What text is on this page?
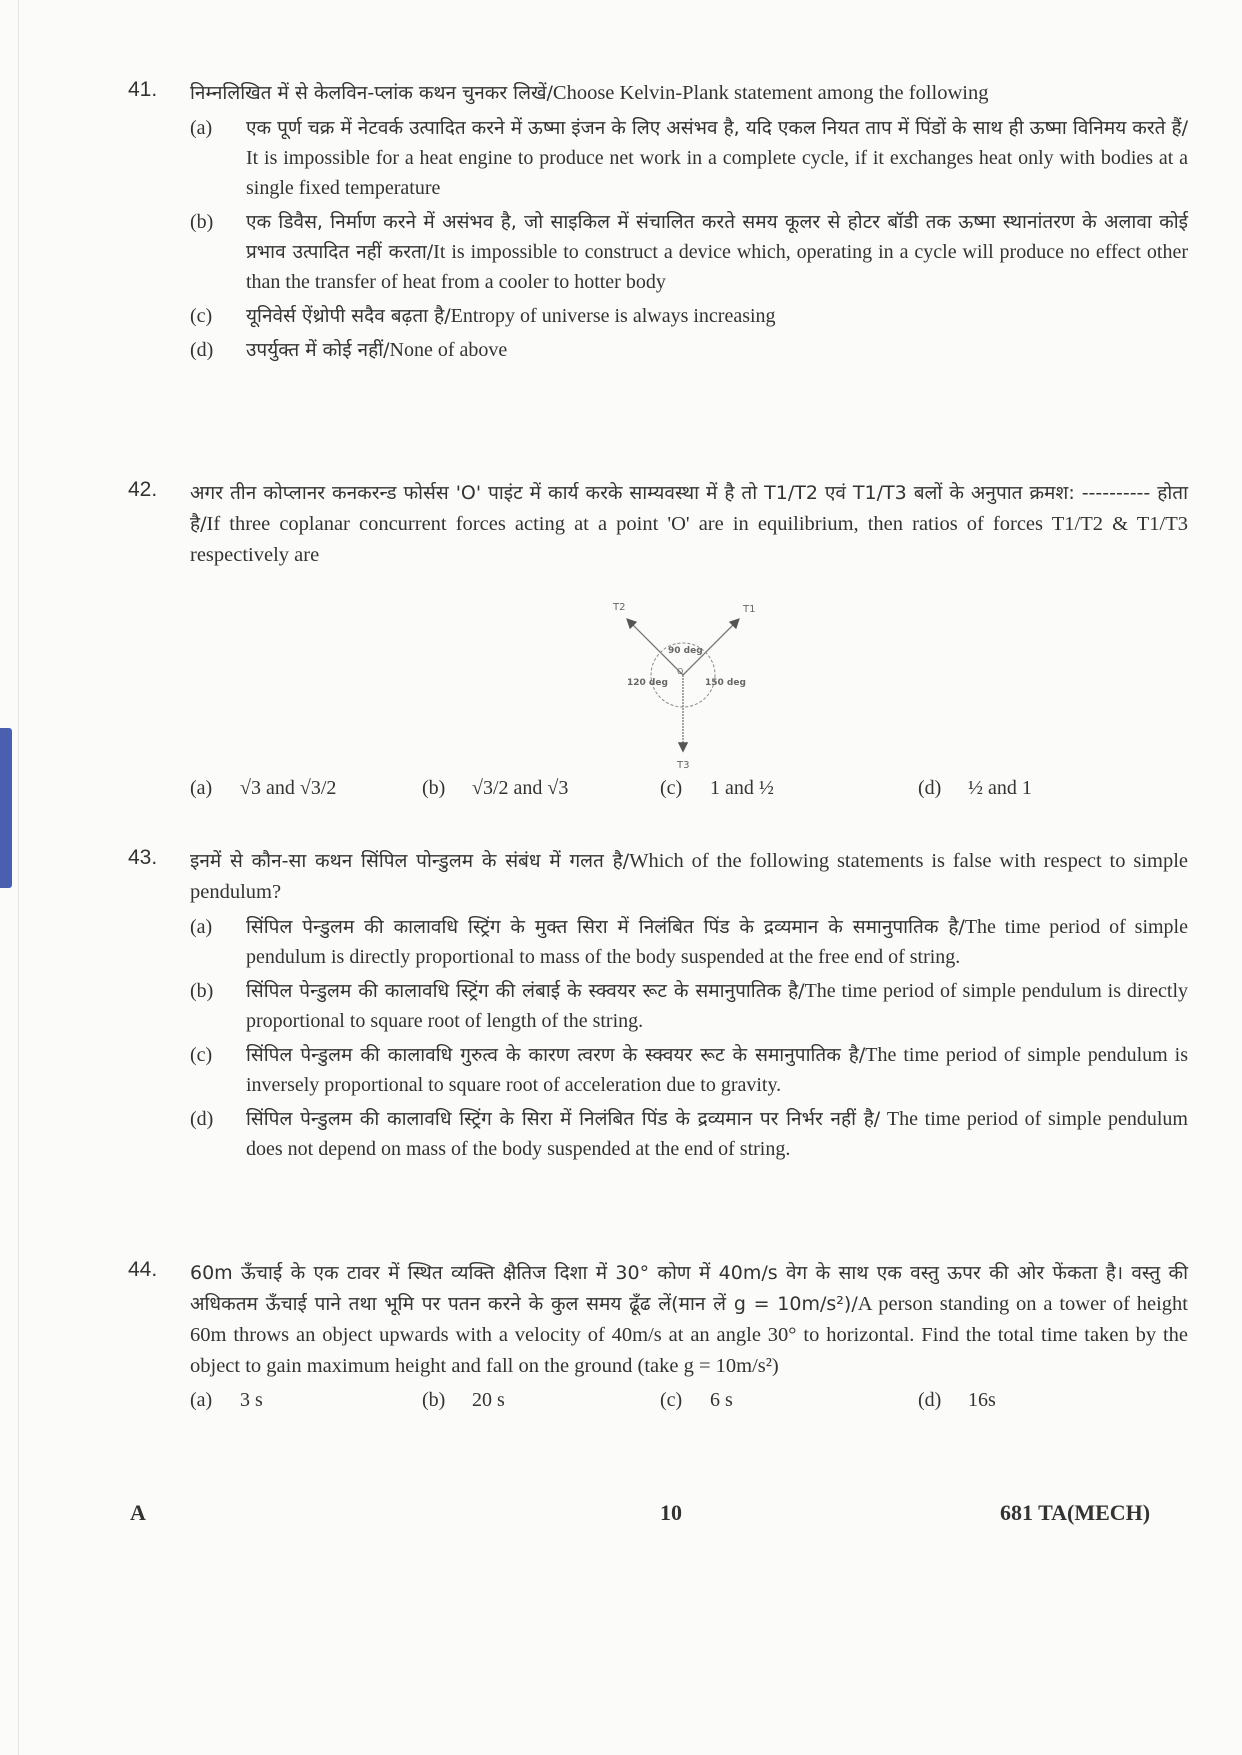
41. निम्नलिखित में से केलविन-प्लांक कथन चुनकर लिखें/Choose Kelvin-Plank statement among the following
(a) एक पूर्ण चक्र में नेटवर्क उत्पादित करने में ऊष्मा इंजन के लिए असंभव है, यदि एकल नियत ताप में पिंडों के साथ ही ऊष्मा विनिमय करते हैं/ It is impossible for a heat engine to produce net work in a complete cycle, if it exchanges heat only with bodies at a single fixed temperature
(b) एक डिवैस, निर्माण करने में असंभव है, जो साइकिल में संचालित करते समय कूलर से होटर बॉडी तक ऊष्मा स्थानांतरण के अलावा कोई प्रभाव उत्पादित नहीं करता/It is impossible to construct a device which, operating in a cycle will produce no effect other than the transfer of heat from a cooler to hotter body
(c) यूनिवेर्स ऐंथ्रोपी सदैव बढ़ता है/Entropy of universe is always increasing
(d) उपर्युक्त में कोई नहीं/None of above
42. अगर तीन कोप्लानर कनकरन्ड फोर्सस 'O' पाइंट में कार्य करके साम्यवस्था में है तो T1/T2 एवं T1/T3 बलों के अनुपात क्रमश: ---------- होता है/If three coplanar concurrent forces acting at a point 'O' are in equilibrium, then ratios of forces T1/T2 & T1/T3 respectively are
T1
T2
T3
O
90 deg
120 deg	150 deg
(a) √3 and √3/2	(b) √3/2 and √3	(c) 1 and ½	(d) ½ and 1
43. इनमें से कौन-सा कथन सिंपिल पोन्डुलम के संबंध में गलत है/Which of the following statements is false with respect to simple pendulum?
(a) सिंपिल पेन्डुलम की कालावधि स्ट्रिंग के मुक्त सिरा में निलंबित पिंड के द्रव्यमान के समानुपातिक है/The time period of simple pendulum is directly proportional to mass of the body suspended at the free end of string.
(b) सिंपिल पेन्डुलम की कालावधि स्ट्रिंग की लंबाई के स्क्वयर रूट के समानुपातिक है/The time period of simple pendulum is directly proportional to square root of length of the string.
(c) सिंपिल पेन्डुलम की कालावधि गुरुत्व के कारण त्वरण के स्क्वयर रूट के समानुपातिक है/The time period of simple pendulum is inversely proportional to square root of acceleration due to gravity.
(d) सिंपिल पेन्डुलम की कालावधि स्ट्रिंग के सिरा में निलंबित पिंड के द्रव्यमान पर निर्भर नहीं है/ The time period of simple pendulum does not depend on mass of the body suspended at the end of string.
44. 60m ऊँचाई के एक टावर में स्थित व्यक्ति क्षैतिज दिशा में 30° कोण में 40m/s वेग के साथ एक वस्तु ऊपर की ओर फेंकता है। वस्तु की अधिकतम ऊँचाई पाने तथा भूमि पर पतन करने के कुल समय ढूँढ लें(मान लें g = 10m/s²)/A person standing on a tower of height 60m throws an object upwards with a velocity of 40m/s at an angle 30° to horizontal. Find the total time taken by the object to gain maximum height and fall on the ground (take g = 10m/s²)
(a) 3 s	(b) 20 s	(c) 6 s	(d) 16s
A	10	681 TA(MECH)
